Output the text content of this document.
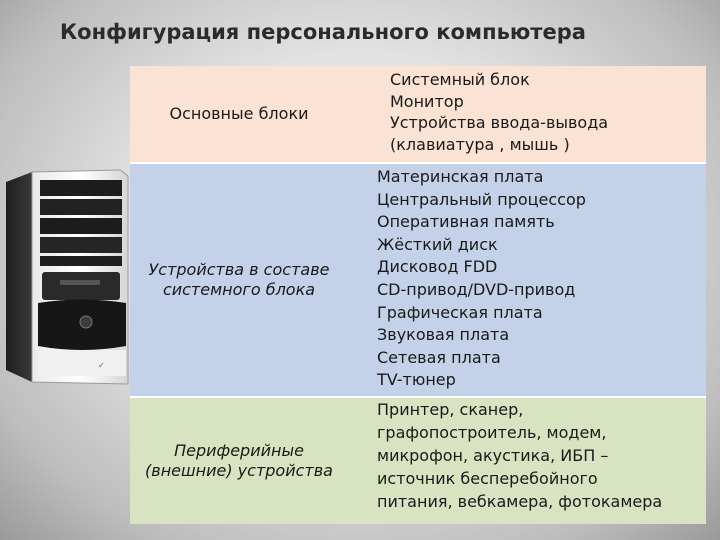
Конфигурация персонального компьютера
✓
Основные блоки
Системный блок
Монитор
Устройства ввода-вывода
(клавиатура , мышь )
Устройства в составе системного блока
Материнская плата
Центральный процессор
Оперативная память
Жёсткий диск
Дисковод FDD
CD-привод/DVD-привод
Графическая плата
Звуковая плата
Сетевая плата
TV-тюнер
Периферийные (внешние) устройства
Принтер, сканер,
графопостроитель, модем,
микрофон, акустика, ИБП –
источник бесперебойного
питания, вебкамера, фотокамера
